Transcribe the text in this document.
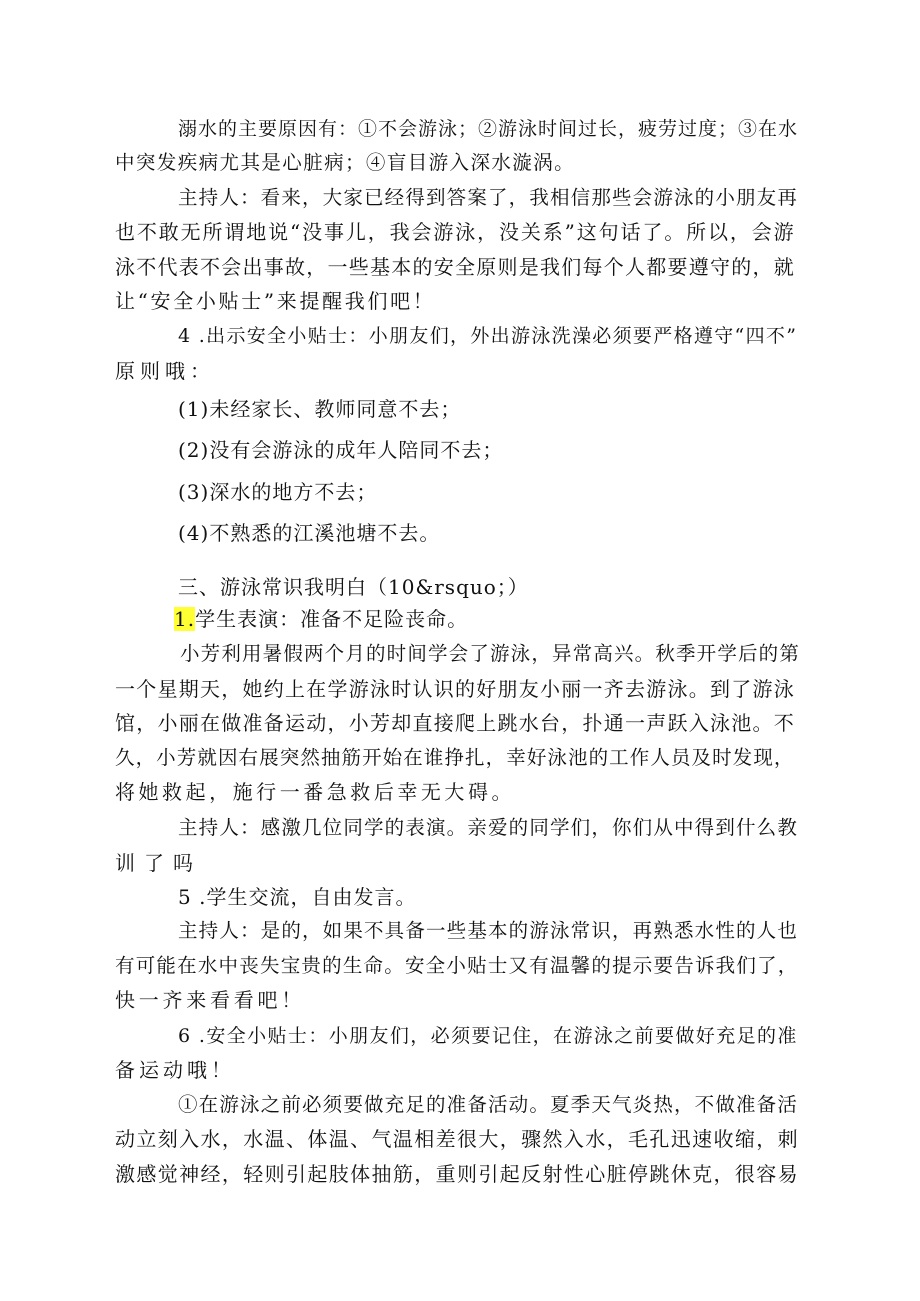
溺水的主要原因有：①不会游泳；②游泳时间过长，疲劳过度；③在水
中突发疾病尤其是心脏病；④盲目游入深水漩涡。
主持人：看来，大家已经得到答案了，我相信那些会游泳的小朋友再
也不敢无所谓地说“没事儿，我会游泳，没关系”这句话了。所以，会游
泳不代表不会出事故，一些基本的安全原则是我们每个人都要遵守的，就
让“安全小贴士”来提醒我们吧！
4 .出示安全小贴士：小朋友们，外出游泳洗澡必须要严格遵守“四不”
原则哦：
(1)未经家长、教师同意不去；
(2)没有会游泳的成年人陪同不去；
(3)深水的地方不去；
(4)不熟悉的江溪池塘不去。
三、游泳常识我明白（10&rsquo；）
1.学生表演：准备不足险丧命。
小芳利用暑假两个月的时间学会了游泳，异常高兴。秋季开学后的第
一个星期天，她约上在学游泳时认识的好朋友小丽一齐去游泳。到了游泳
馆，小丽在做准备运动，小芳却直接爬上跳水台，扑通一声跃入泳池。不
久，小芳就因右展突然抽筋开始在谁挣扎，幸好泳池的工作人员及时发现，
将她救起，施行一番急救后幸无大碍。
主持人：感激几位同学的表演。亲爱的同学们，你们从中得到什么教
训了吗
5 .学生交流，自由发言。
主持人：是的，如果不具备一些基本的游泳常识，再熟悉水性的人也
有可能在水中丧失宝贵的生命。安全小贴士又有温馨的提示要告诉我们了，
快一齐来看看吧！
6 .安全小贴士：小朋友们，必须要记住，在游泳之前要做好充足的准
备运动哦！
①在游泳之前必须要做充足的准备活动。夏季天气炎热，不做准备活
动立刻入水，水温、体温、气温相差很大，骤然入水，毛孔迅速收缩，刺
激感觉神经，轻则引起肢体抽筋，重则引起反射性心脏停跳休克，很容易
